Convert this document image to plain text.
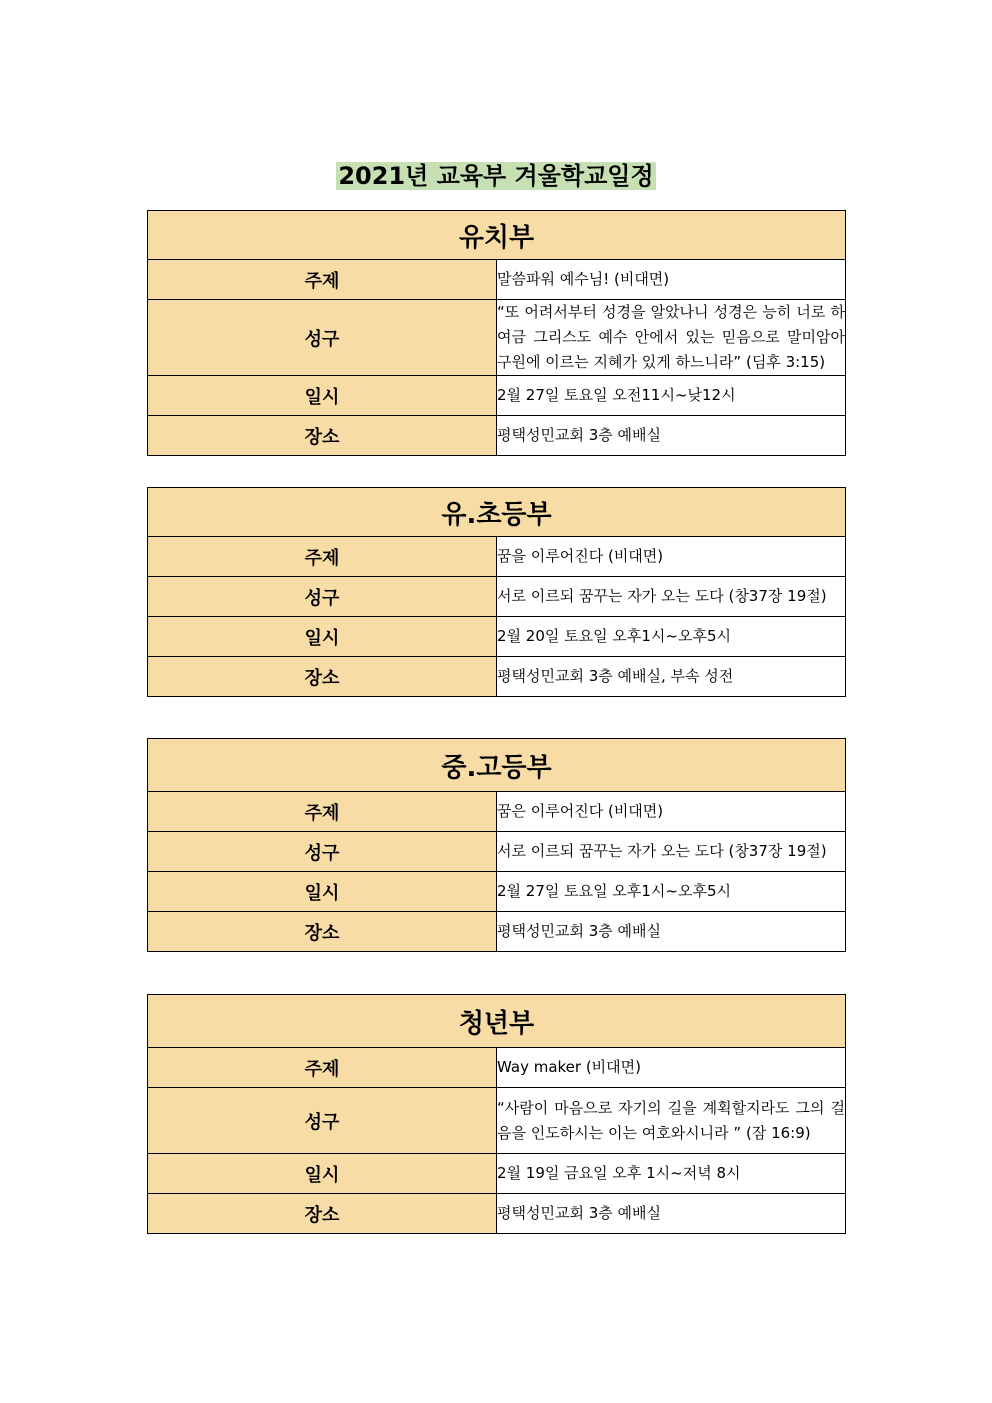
2021년 교육부 겨울학교일정
유치부	
주제	말씀파워 예수님! (비대면)
성구	“또 어려서부터 성경을 알았나니 성경은 능히 너로 하여금 그리스도 예수 안에서 있는 믿음으로 말미암아 구원에 이르는 지혜가 있게 하느니라” (딤후 3:15)
일시	2월 27일 토요일 오전11시~낮12시
장소	평택성민교회 3층 예배실
유.초등부	
주제	꿈을 이루어진다 (비대면)
성구	서로 이르되 꿈꾸는 자가 오는 도다 (창37장 19절)
일시	2월 20일 토요일 오후1시~오후5시
장소	평택성민교회 3층 예배실, 부속 성전
중.고등부	
주제	꿈은 이루어진다 (비대면)
성구	서로 이르되 꿈꾸는 자가 오는 도다 (창37장 19절)
일시	2월 27일 토요일 오후1시~오후5시
장소	평택성민교회 3층 예배실
청년부	
주제	Way maker (비대면)
성구	“사람이 마음으로 자기의 길을 계획할지라도 그의 걸음을 인도하시는 이는 여호와시니라 ” (잠 16:9)
일시	2월 19일 금요일 오후 1시~저녁 8시
장소	평택성민교회 3층 예배실
